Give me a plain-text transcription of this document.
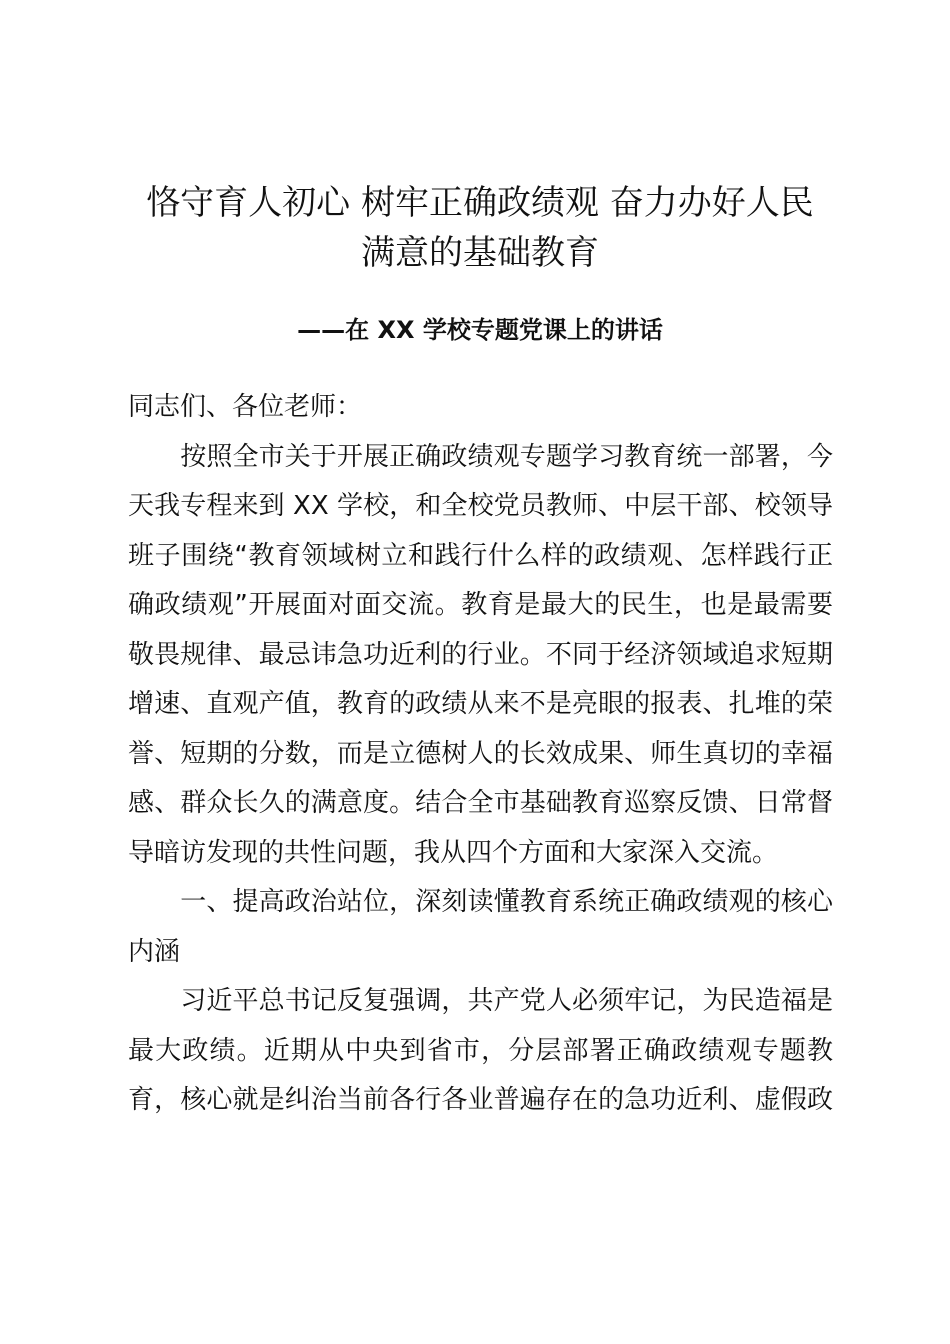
恪守育人初心 树牢正确政绩观 奋力办好人民
满意的基础教育
——在 XX 学校专题党课上的讲话
同志们、各位老师：
　　按照全市关于开展正确政绩观专题学习教育统一部署，今
天我专程来到 XX 学校，和全校党员教师、中层干部、校领导
班子围绕“教育领域树立和践行什么样的政绩观、怎样践行正
确政绩观”开展面对面交流。教育是最大的民生，也是最需要
敬畏规律、最忌讳急功近利的行业。不同于经济领域追求短期
增速、直观产值，教育的政绩从来不是亮眼的报表、扎堆的荣
誉、短期的分数，而是立德树人的长效成果、师生真切的幸福
感、群众长久的满意度。结合全市基础教育巡察反馈、日常督
导暗访发现的共性问题，我从四个方面和大家深入交流。
　　一、提高政治站位，深刻读懂教育系统正确政绩观的核心
内涵
　　习近平总书记反复强调，共产党人必须牢记，为民造福是
最大政绩。近期从中央到省市，分层部署正确政绩观专题教
育，核心就是纠治当前各行各业普遍存在的急功近利、虚假政
